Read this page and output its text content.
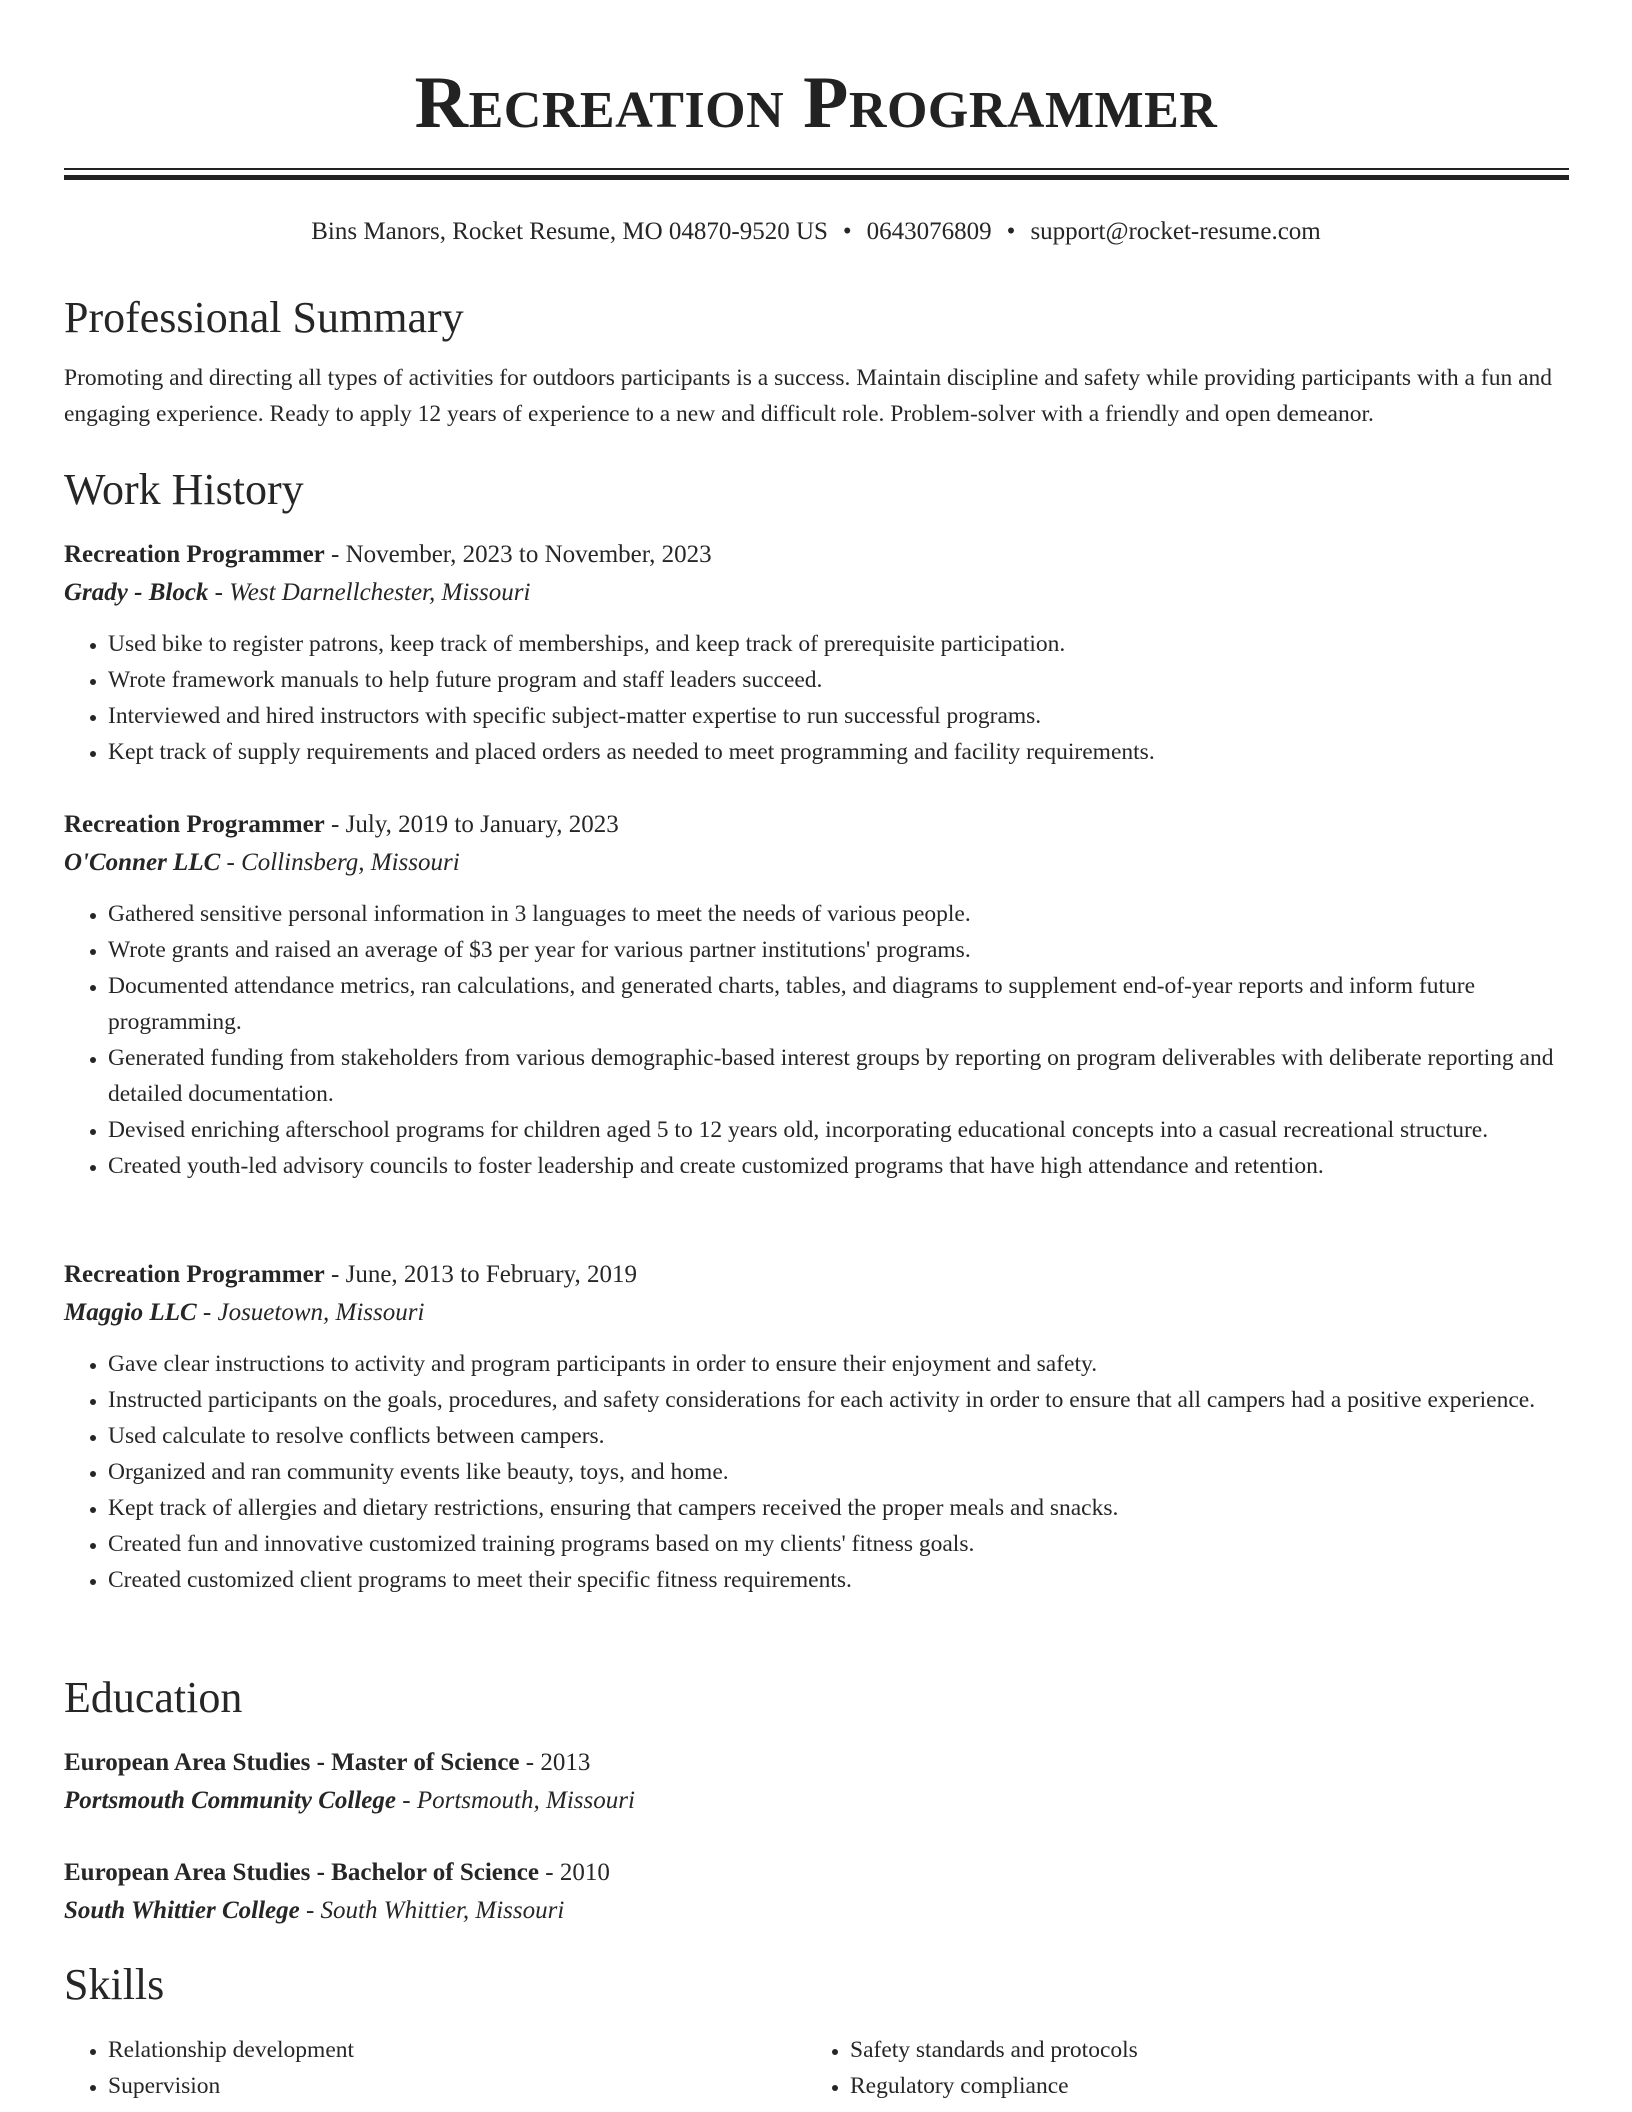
Recreation Programmer
Bins Manors, Rocket Resume, MO 04870-9520 US • 0643076809 • support@rocket-resume.com
Professional Summary

Promoting and directing all types of activities for outdoors participants is a success. Maintain discipline and safety while providing participants with a fun and engaging experience. Ready to apply 12 years of experience to a new and difficult role. Problem-solver with a friendly and open demeanor.

Work History
Recreation Programmer - November, 2023 to November, 2023
Grady - Block - West Darnellchester, Missouri
• Used bike to register patrons, keep track of memberships, and keep track of prerequisite participation.
• Wrote framework manuals to help future program and staff leaders succeed.
• Interviewed and hired instructors with specific subject-matter expertise to run successful programs.
• Kept track of supply requirements and placed orders as needed to meet programming and facility requirements.
Recreation Programmer - July, 2019 to January, 2023
O'Conner LLC - Collinsberg, Missouri
• Gathered sensitive personal information in 3 languages to meet the needs of various people.
• Wrote grants and raised an average of $3 per year for various partner institutions' programs.
• Documented attendance metrics, ran calculations, and generated charts, tables, and diagrams to supplement end-of-year reports and inform future programming.
• Generated funding from stakeholders from various demographic-based interest groups by reporting on program deliverables with deliberate reporting and detailed documentation.
• Devised enriching afterschool programs for children aged 5 to 12 years old, incorporating educational concepts into a casual recreational structure.
• Created youth-led advisory councils to foster leadership and create customized programs that have high attendance and retention.
Recreation Programmer - June, 2013 to February, 2019
Maggio LLC - Josuetown, Missouri
• Gave clear instructions to activity and program participants in order to ensure their enjoyment and safety.
• Instructed participants on the goals, procedures, and safety considerations for each activity in order to ensure that all campers had a positive experience.
• Used calculate to resolve conflicts between campers.
• Organized and ran community events like beauty, toys, and home.
• Kept track of allergies and dietary restrictions, ensuring that campers received the proper meals and snacks.
• Created fun and innovative customized training programs based on my clients' fitness goals.
• Created customized client programs to meet their specific fitness requirements.
Education
European Area Studies - Master of Science - 2013
Portsmouth Community College - Portsmouth, Missouri
European Area Studies - Bachelor of Science - 2010
South Whittier College - South Whittier, Missouri
Skills
• Relationship development
• Supervision
• Safety standards and protocols
• Regulatory compliance
